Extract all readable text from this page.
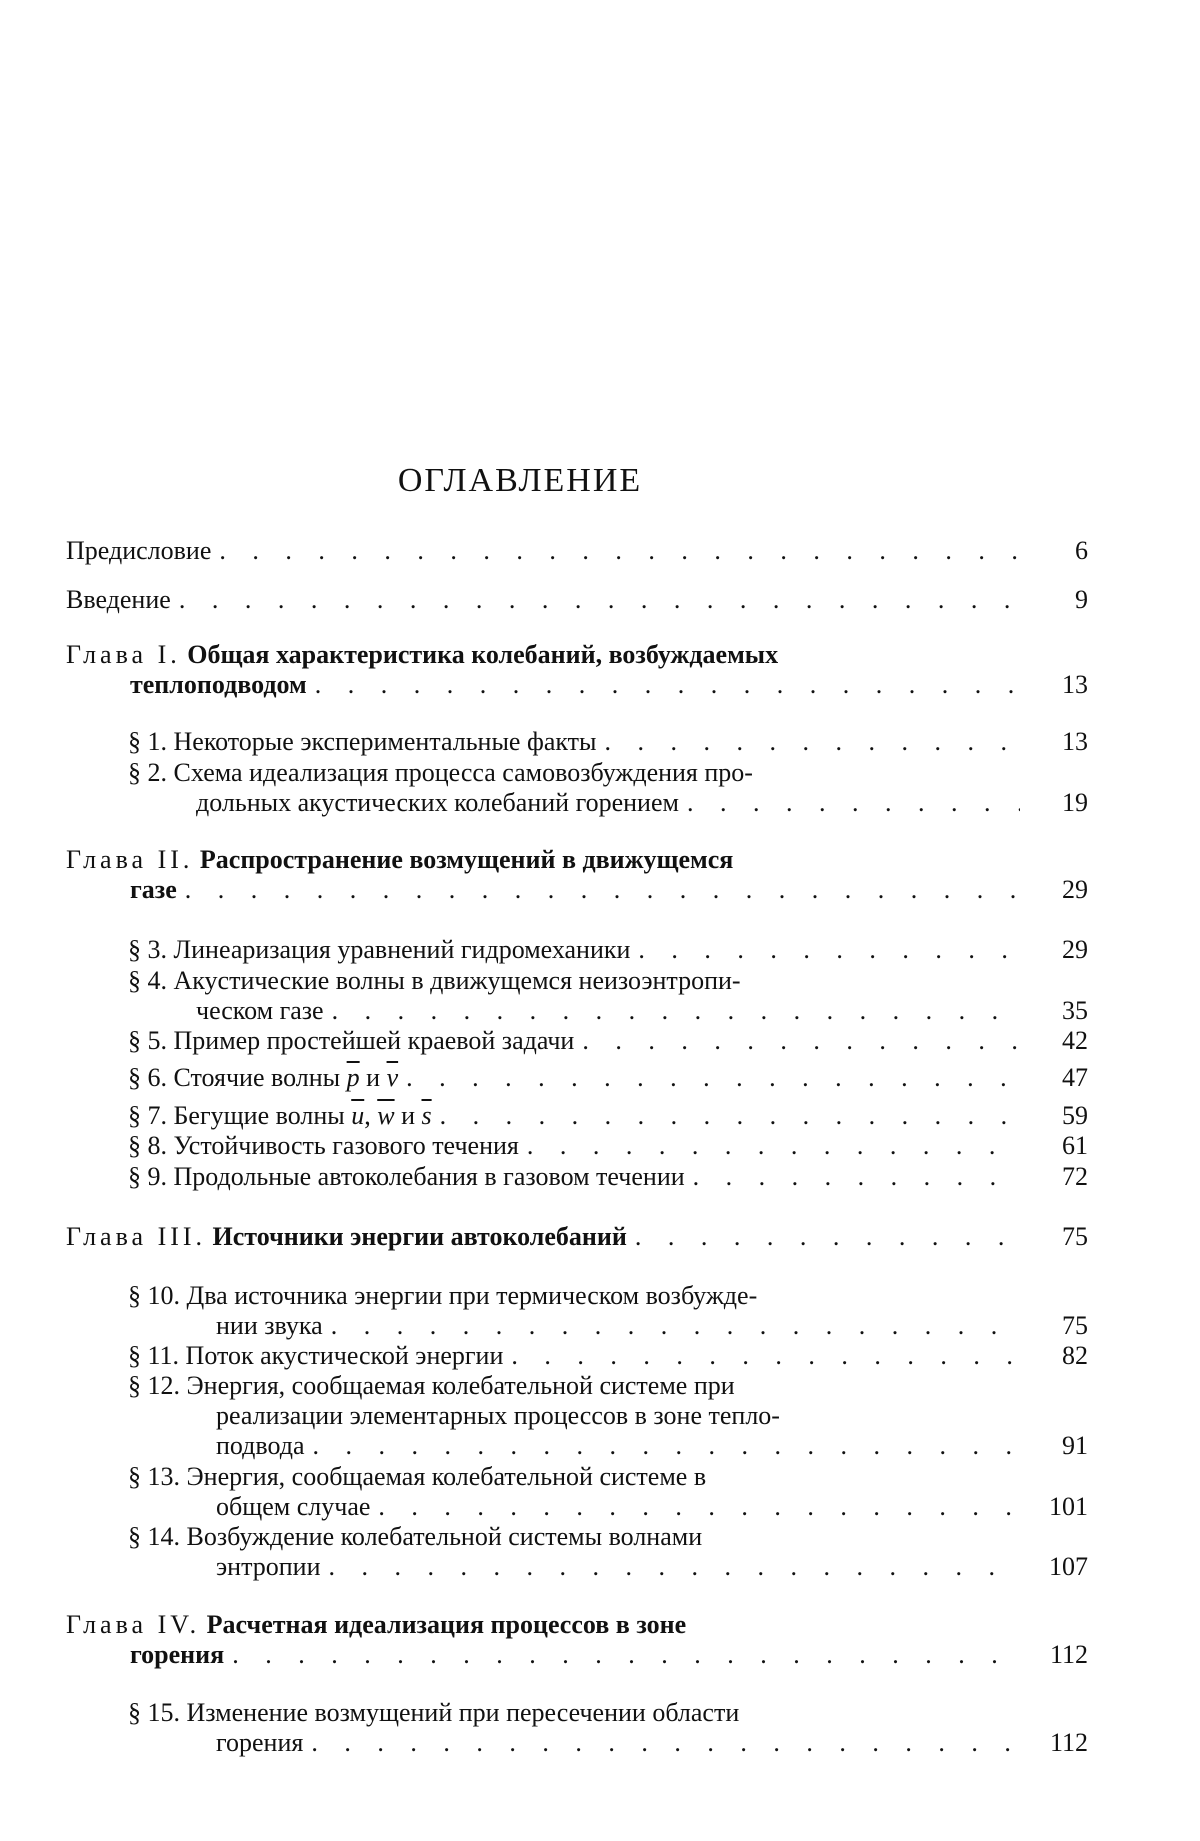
ОГЛАВЛЕНИЕ
Предисловие . . .	6
Введение . . .	9
Глава I.
Общая характеристика колебаний, возбуждаемых
теплоподводом . . .	13
§ 1.
Некоторые экспериментальные факты . . .	13
§ 2.
Схема идеализация процесса самовозбуждения про-
дольных акустических колебаний горением . . .	19
Глава II.
Распространение возмущений в движущемся
газе . . .	29
§ 3.
Линеаризация уравнений гидромеханики . . .	29
§ 4.
Акустические волны в движущемся неизоэнтропи-
ческом газе . . .	35
§ 5.
Пример простейшей краевой задачи . . .	42
§ 6.
Стоячие волны
$\overline{p}$
и
$\overline{v}$ . . .	47
§ 7.
Бегущие волны
$\overline{u}$ , $\overline{w}$
и
$\overline{s}$ . . .	59
§ 8.
Устойчивость газового течения . . .	61
§ 9.
Продольные автоколебания в газовом течении . . .	72
Глава III.
Источники энергии автоколебаний . . .	75
§ 10.
Два источника энергии при термическом возбужде-
нии звука . . .	75
§ 11.
Поток акустической энергии . . .	82
§ 12.
Энергия, сообщаемая колебательной системе при
реализации элементарных процессов в зоне тепло-
подвода . . .	91
§ 13.
Энергия, сообщаемая колебательной системе в
общем случае . . .	101
§ 14.
Возбуждение колебательной системы волнами
энтропии . . .	107
Глава IV.
Расчетная идеализация процессов в зоне
горения . . .	112
§ 15.
Изменение возмущений при пересечении области
горения . . .	112
